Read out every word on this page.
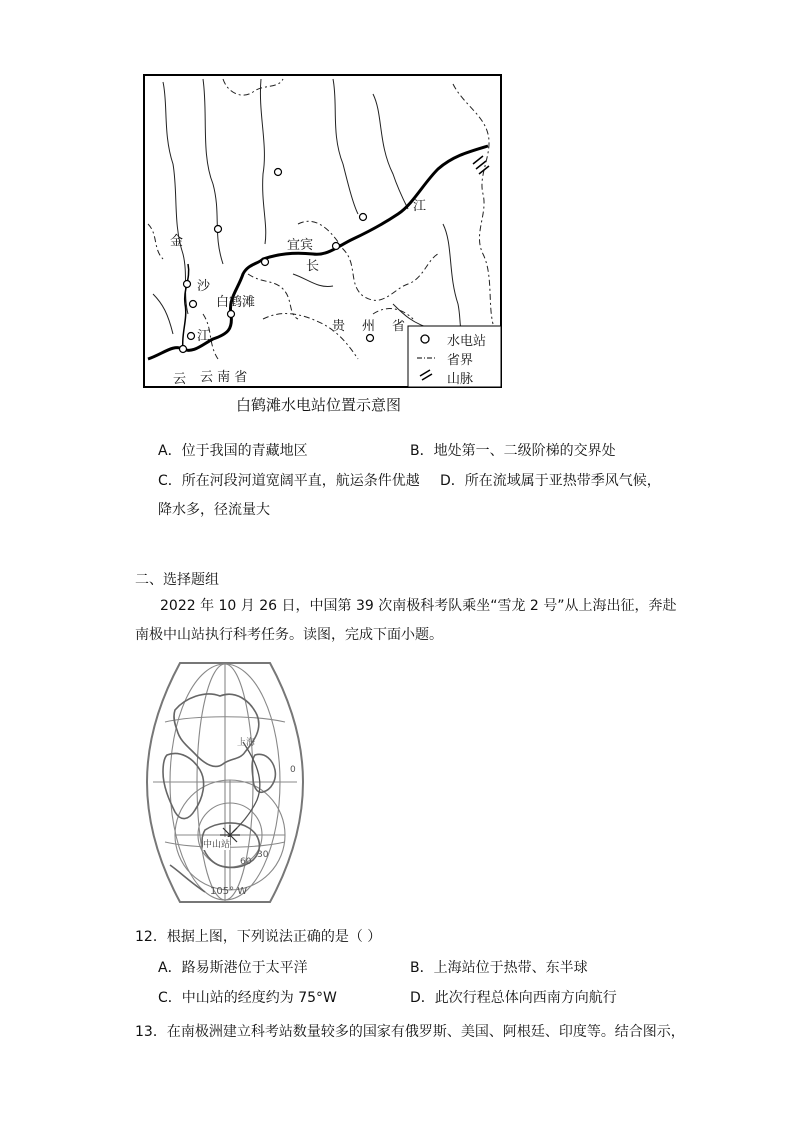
金
沙
江
白鹤滩
宜宾
长
江
贵 州 省
云 云 南 省
水电站
省界
山脉
白鹤滩水电站位置示意图
A．位于我国的青藏地区	B．地处第一、二级阶梯的交界处
C．所在河段河道宽阔平直，航运条件优越 D．所在流域属于亚热带季风气候，
降水多，径流量大
二、选择题组
2022 年 10 月 26 日，中国第 39 次南极科考队乘坐“雪龙 2 号”从上海出征，奔赴
南极中山站执行科考任务。读图，完成下面小题。
上海
中山站
0
60
30
105° W
12．根据上图，下列说法正确的是（ ）
A．路易斯港位于太平洋	B．上海站位于热带、东半球
C．中山站的经度约为 75°W	D．此次行程总体向西南方向航行
13．在南极洲建立科考站数量较多的国家有俄罗斯、美国、阿根廷、印度等。结合图示，
